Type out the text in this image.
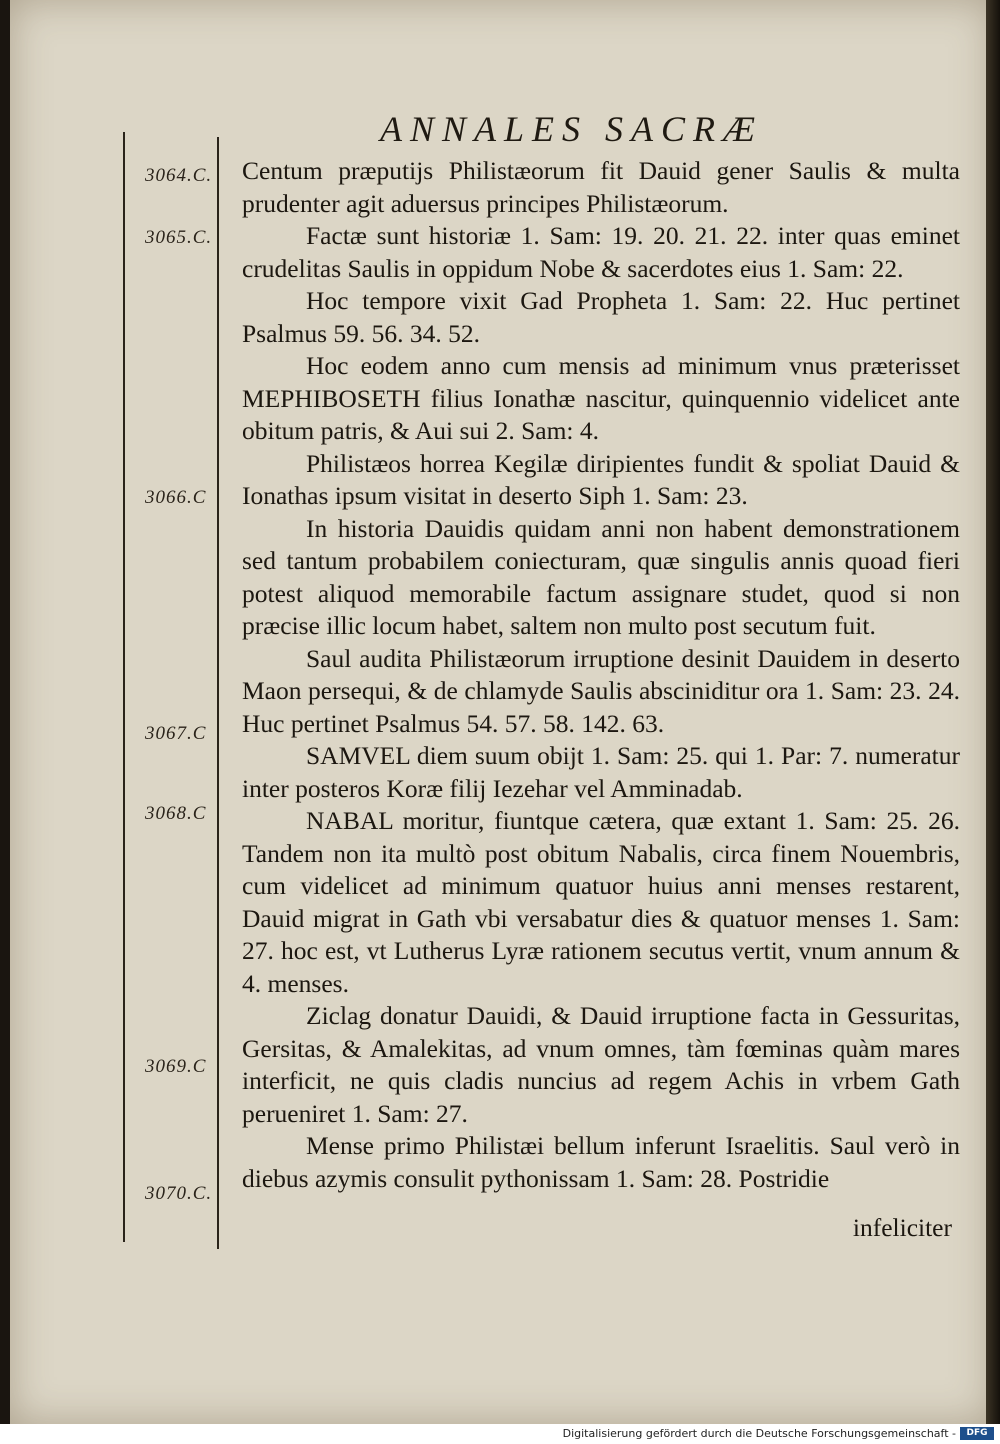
ANNALES SACRÆ
3064.C.
3065.C.
3066.C
3067.C
3068.C
3069.C
3070.C.

Centum præputijs Philistæorum fit Dauid gener Saulis & multa prudenter agit aduersus principes Philistæorum.

Factæ sunt historiæ 1. Sam: 19. 20. 21. 22. inter quas eminet crudelitas Saulis in oppidum Nobe & sacerdotes eius 1. Sam: 22.

Hoc tempore vixit Gad Propheta 1. Sam: 22. Huc pertinet Psalmus 59. 56. 34. 52.

Hoc eodem anno cum mensis ad minimum vnus præterisset MEPHIBOSETH filius Ionathæ nascitur, quinquennio videlicet ante obitum patris, & Aui sui 2. Sam: 4.

Philistæos horrea Kegilæ diripientes fundit & spoliat Dauid & Ionathas ipsum visitat in deserto Siph 1. Sam: 23.

In historia Dauidis quidam anni non habent demonstrationem sed tantum probabilem coniecturam, quæ singulis annis quoad fieri potest aliquod memorabile factum assignare studet, quod si non præcise illic locum habet, saltem non multo post secutum fuit.

Saul audita Philistæorum irruptione desinit Dauidem in deserto Maon persequi, & de chlamyde Saulis absciniditur ora 1. Sam: 23. 24. Huc pertinet Psalmus 54. 57. 58. 142. 63.

SAMVEL diem suum obijt 1. Sam: 25. qui 1. Par: 7. numeratur inter posteros Koræ filij Iezehar vel Amminadab.

NABAL moritur, fiuntque cætera, quæ extant 1. Sam: 25. 26. Tandem non ita multò post obitum Nabalis, circa finem Nouembris, cum videlicet ad minimum quatuor huius anni menses restarent, Dauid migrat in Gath vbi versabatur dies & quatuor menses 1. Sam: 27. hoc est, vt Lutherus Lyræ rationem secutus vertit, vnum annum & 4. menses.

Ziclag donatur Dauidi, & Dauid irruptione facta in Gessuritas, Gersitas, & Amalekitas, ad vnum omnes, tàm fœminas quàm mares interficit, ne quis cladis nuncius ad regem Achis in vrbem Gath perueniret 1. Sam: 27.

Mense primo Philistæi bellum inferunt Israelitis. Saul verò in diebus azymis consulit pythonissam 1. Sam: 28. Postridie

infeliciter
Digitalisierung gefördert durch die Deutsche Forschungsgemeinschaft -	DFG
